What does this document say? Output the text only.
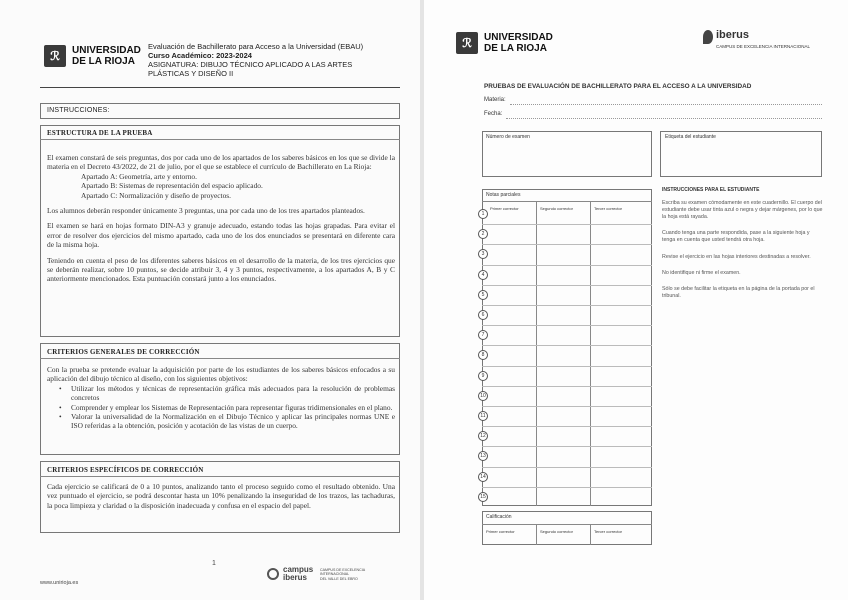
ℛ	UNIVERSIDAD
DE LA RIOJA
Evaluación de Bachillerato para Acceso a la Universidad (EBAU)
Curso Académico: 2023-2024
ASIGNATURA: DIBUJO TÉCNICO APLICADO A LAS ARTES
PLÁSTICAS Y DISEÑO II
INSTRUCCIONES:
ESTRUCTURA DE LA PRUEBA

El examen constará de seis preguntas, dos por cada uno de los apartados de los saberes básicos en los que se divide la materia en el Decreto 43/2022, de 21 de julio, por el que se establece el currículo de Bachillerato en La Rioja:

Apartado A: Geometría, arte y entorno.

Apartado B: Sistemas de representación del espacio aplicado.

Apartado C: Normalización y diseño de proyectos.

Los alumnos deberán responder únicamente 3 preguntas, una por cada uno de los tres apartados planteados.

El examen se hará en hojas formato DIN-A3 y granuje adecuado, estando todas las hojas grapadas. Para evitar el error de resolver dos ejercicios del mismo apartado, cada uno de los dos enunciados se presentará en diferente cara de la misma hoja.

Teniendo en cuenta el peso de los diferentes saberes básicos en el desarrollo de la materia, de los tres ejercicios que se deberán realizar, sobre 10 puntos, se decide atribuir 3, 4 y 3 puntos, respectivamente, a los apartados A, B y C anteriormente mencionados. Esta puntuación constará junto a los enunciados.

CRITERIOS GENERALES DE CORRECCIÓN

Con la prueba se pretende evaluar la adquisición por parte de los estudiantes de los saberes básicos enfocados a su aplicación del dibujo técnico al diseño, con los siguientes objetivos:

• Utilizar los métodos y técnicas de representación gráfica más adecuados para la resolución de problemas concretos
• Comprender y emplear los Sistemas de Representación para representar figuras tridimensionales en el plano.
• Valorar la universalidad de la Normalización en el Dibujo Técnico y aplicar las principales normas UNE e ISO referidas a la obtención, posición y acotación de las vistas de un cuerpo.
CRITERIOS ESPECÍFICOS DE CORRECCIÓN
Cada ejercicio se calificará de 0 a 10 puntos, analizando tanto el proceso seguido como el resultado obtenido. Una vez puntuado el ejercicio, se podrá descontar hasta un 10% penalizando la inseguridad de los trazos, las tachaduras, la poca limpieza y claridad o la disposición inadecuada y confusa en el espacio del papel.
1
www.unirioja.es
campus
iberus
CAMPUS DE EXCELENCIA
INTERNACIONAL
DEL VALLE DEL EBRO
ℛ	UNIVERSIDAD
DE LA RIOJA
iberus
CAMPUS DE EXCELENCIA INTERNACIONAL
PRUEBAS DE EVALUACIÓN DE BACHILLERATO PARA EL ACCESO A LA UNIVERSIDAD
Materia:
Fecha:
Número de examen	Etiqueta del estudiante
Notas parciales
Primer corrector	Segundo corrector	Tercer corrector
1
2
3
4
5
6
7
8
9
10
11
12
13
14
15
INSTRUCCIONES PARA EL ESTUDIANTE
Escriba su examen cómodamente en este cuadernillo. El cuerpo del estudiante debe usar tinta azul o negra y dejar márgenes, por lo que la hoja está rayada.
Cuando tenga una parte respondida, pase a la siguiente hoja y tenga en cuenta que usted tendrá otra hoja.
Revise el ejercicio en las hojas interiores destinadas a resolver.
No identifique ni firme el examen.
Sólo se debe facilitar la etiqueta en la página de la portada por el tribunal.
Calificación
Primer corrector	Segundo corrector	Tercer corrector
